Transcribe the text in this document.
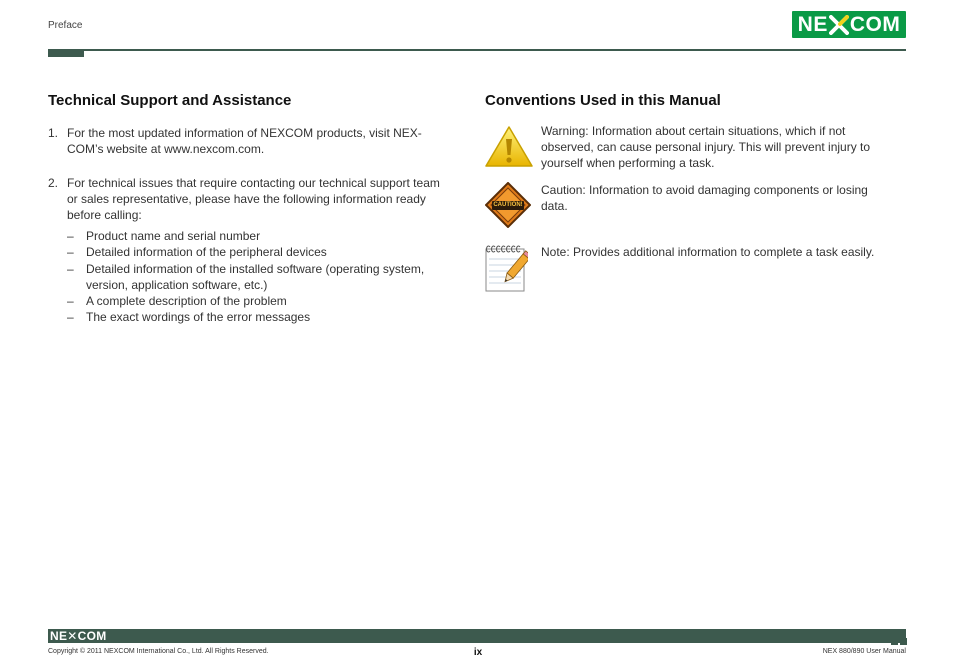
Preface	NE COM
Technical Support and Assistance
1. For the most updated information of NEXCOM products, visit NEX-
COM’s website at www.nexcom.com.
2. For technical issues that require contacting our technical support team
or sales representative, please have the following information ready
before calling:
– Product name and serial number
– Detailed information of the peripheral devices
– Detailed information of the installed software (operating system,
version, application software, etc.)
– A complete description of the problem
– The exact wordings of the error messages
Conventions Used in this Manual
Warning: Information about certain situations, which if not
observed, can cause personal injury. This will prevent injury to
yourself when performing a task.
CAUTION!
Caution: Information to avoid damaging components or losing
data.
Note: Provides additional information to complete a task easily.
NE✕COM
Copyright © 2011 NEXCOM International Co., Ltd. All Rights Reserved.	ix	NEX 880/890 User Manual
